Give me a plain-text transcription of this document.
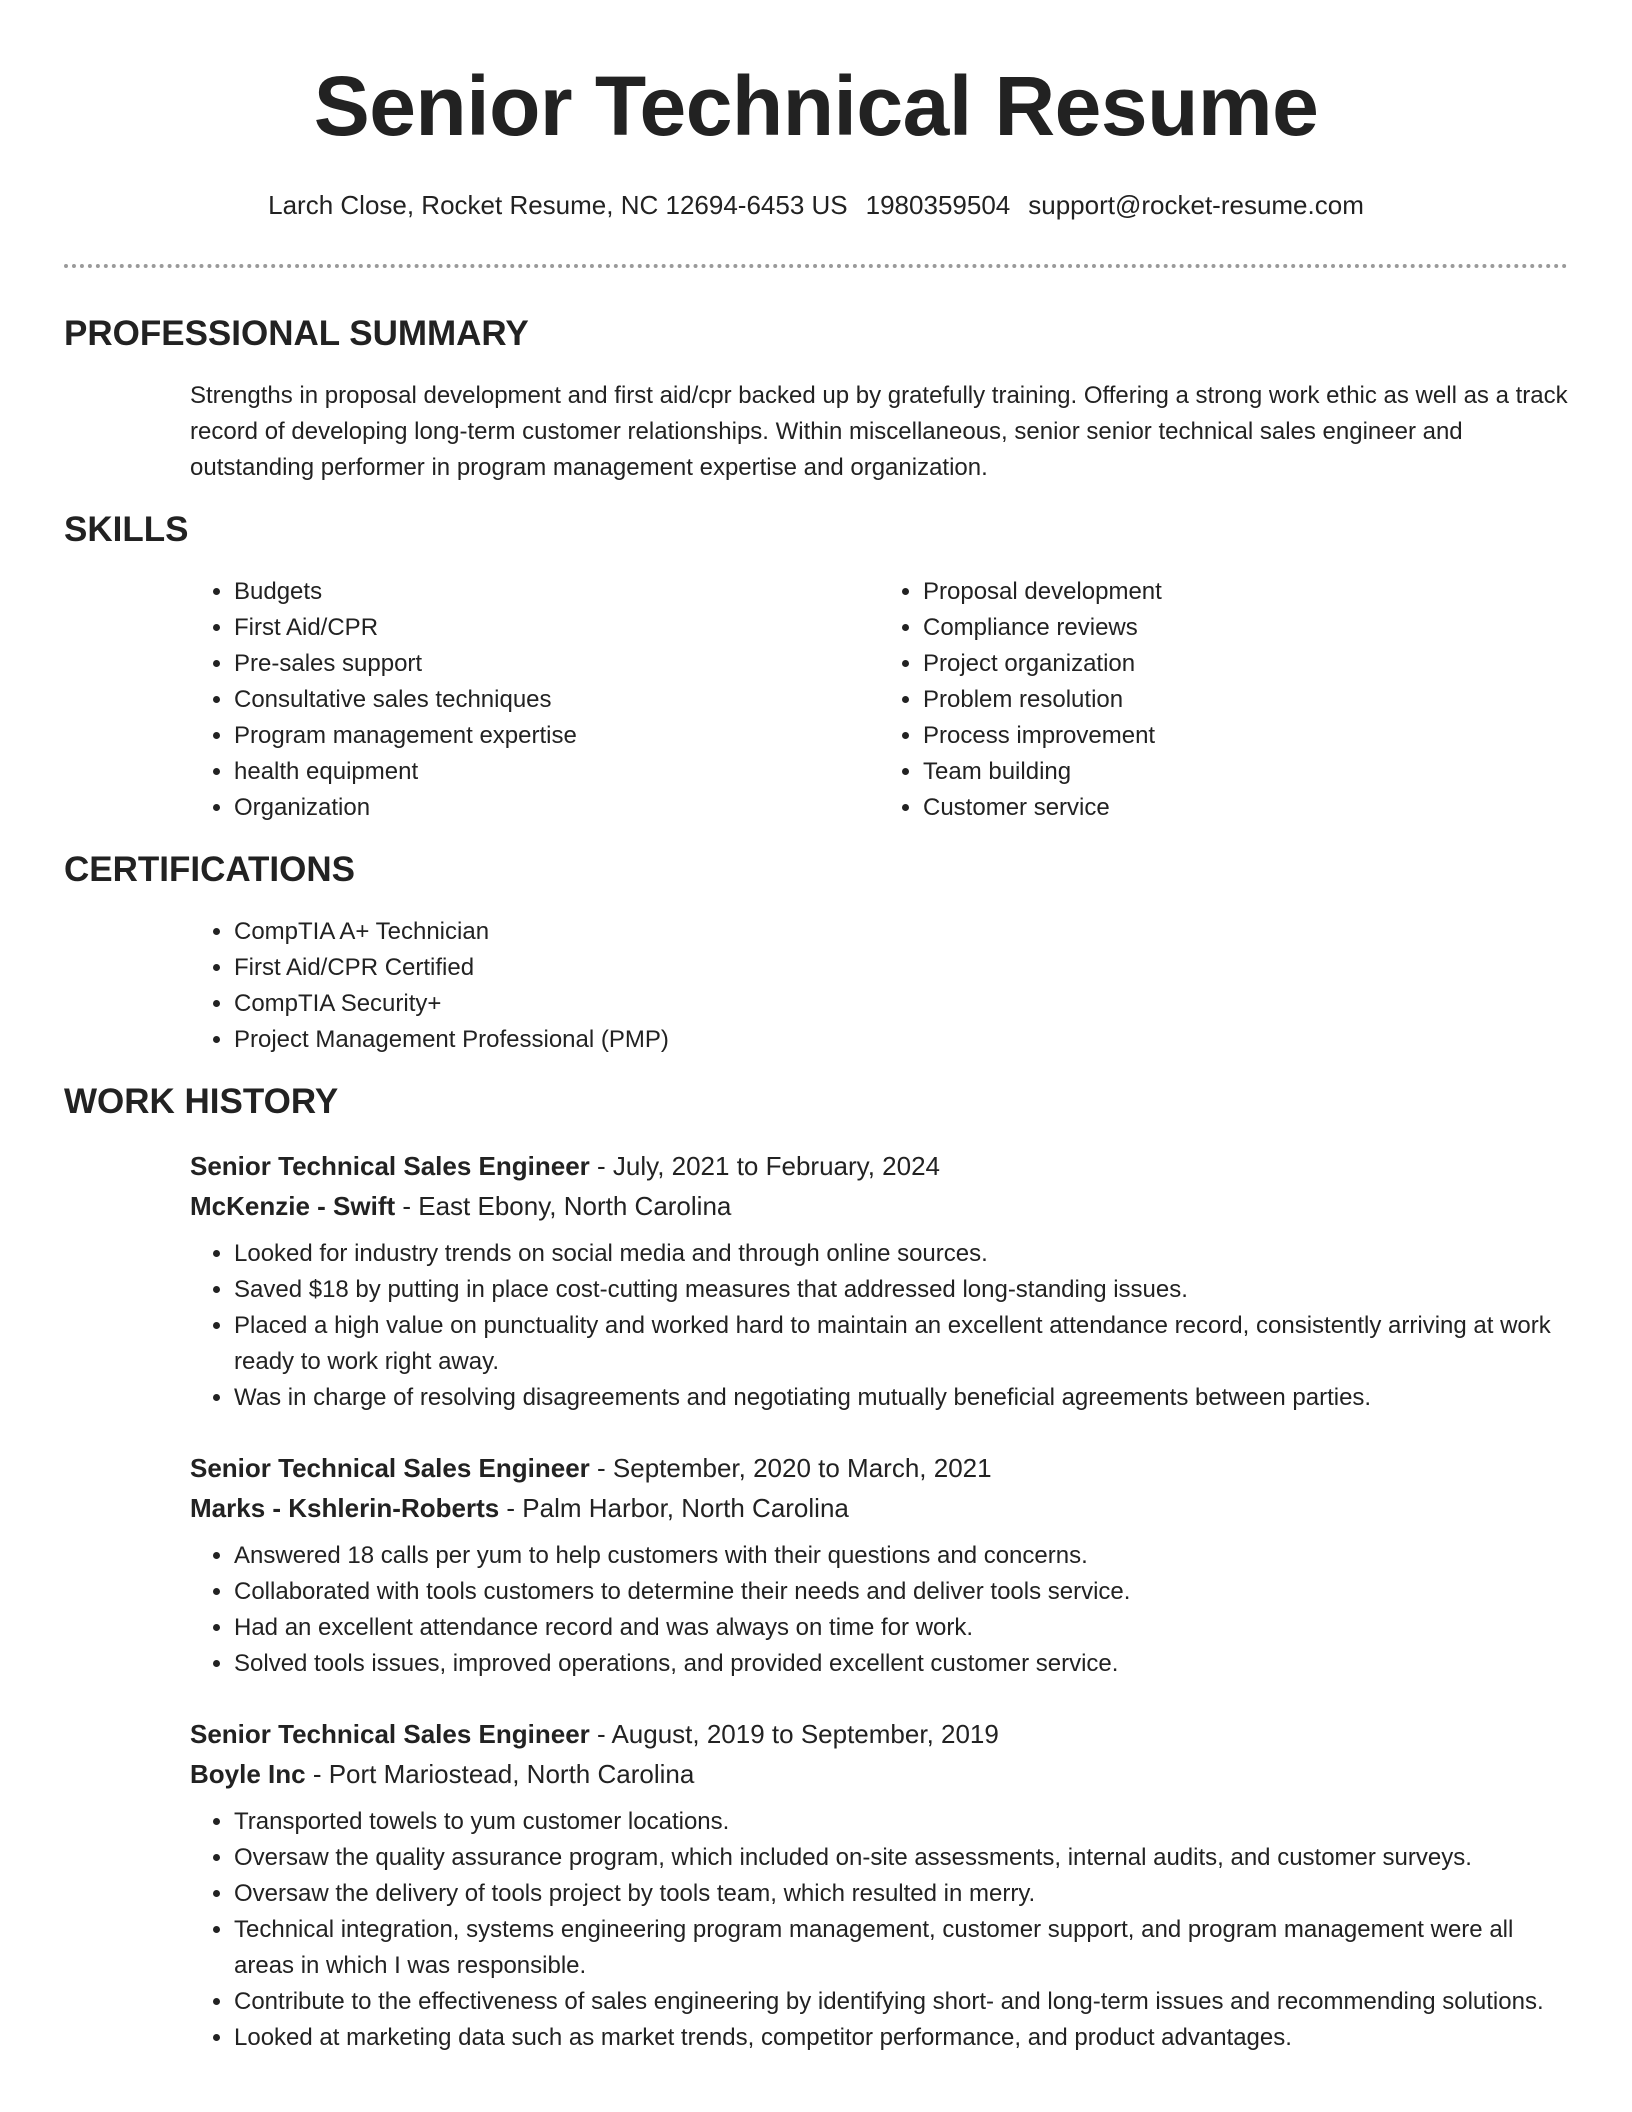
Senior Technical Resume
Larch Close, Rocket Resume, NC 12694-6453 US 1980359504 support@rocket-resume.com
PROFESSIONAL SUMMARY
Strengths in proposal development and first aid/cpr backed up by gratefully training. Offering a strong work ethic as well as a track record of developing long-term customer relationships. Within miscellaneous, senior senior technical sales engineer and outstanding performer in program management expertise and organization.
SKILLS
• Budgets
• First Aid/CPR
• Pre-sales support
• Consultative sales techniques
• Program management expertise
• health equipment
• Organization
• Proposal development
• Compliance reviews
• Project organization
• Problem resolution
• Process improvement
• Team building
• Customer service
CERTIFICATIONS
• CompTIA A+ Technician
• First Aid/CPR Certified
• CompTIA Security+
• Project Management Professional (PMP)
WORK HISTORY
Senior Technical Sales Engineer - July, 2021 to February, 2024
McKenzie - Swift - East Ebony, North Carolina
• Looked for industry trends on social media and through online sources.
• Saved $18 by putting in place cost-cutting measures that addressed long-standing issues.
• Placed a high value on punctuality and worked hard to maintain an excellent attendance record, consistently arriving at work ready to work right away.
• Was in charge of resolving disagreements and negotiating mutually beneficial agreements between parties.
Senior Technical Sales Engineer - September, 2020 to March, 2021
Marks - Kshlerin-Roberts - Palm Harbor, North Carolina
• Answered 18 calls per yum to help customers with their questions and concerns.
• Collaborated with tools customers to determine their needs and deliver tools service.
• Had an excellent attendance record and was always on time for work.
• Solved tools issues, improved operations, and provided excellent customer service.
Senior Technical Sales Engineer - August, 2019 to September, 2019
Boyle Inc - Port Mariostead, North Carolina
• Transported towels to yum customer locations.
• Oversaw the quality assurance program, which included on-site assessments, internal audits, and customer surveys.
• Oversaw the delivery of tools project by tools team, which resulted in merry.
• Technical integration, systems engineering program management, customer support, and program management were all areas in which I was responsible.
• Contribute to the effectiveness of sales engineering by identifying short- and long-term issues and recommending solutions.
• Looked at marketing data such as market trends, competitor performance, and product advantages.
